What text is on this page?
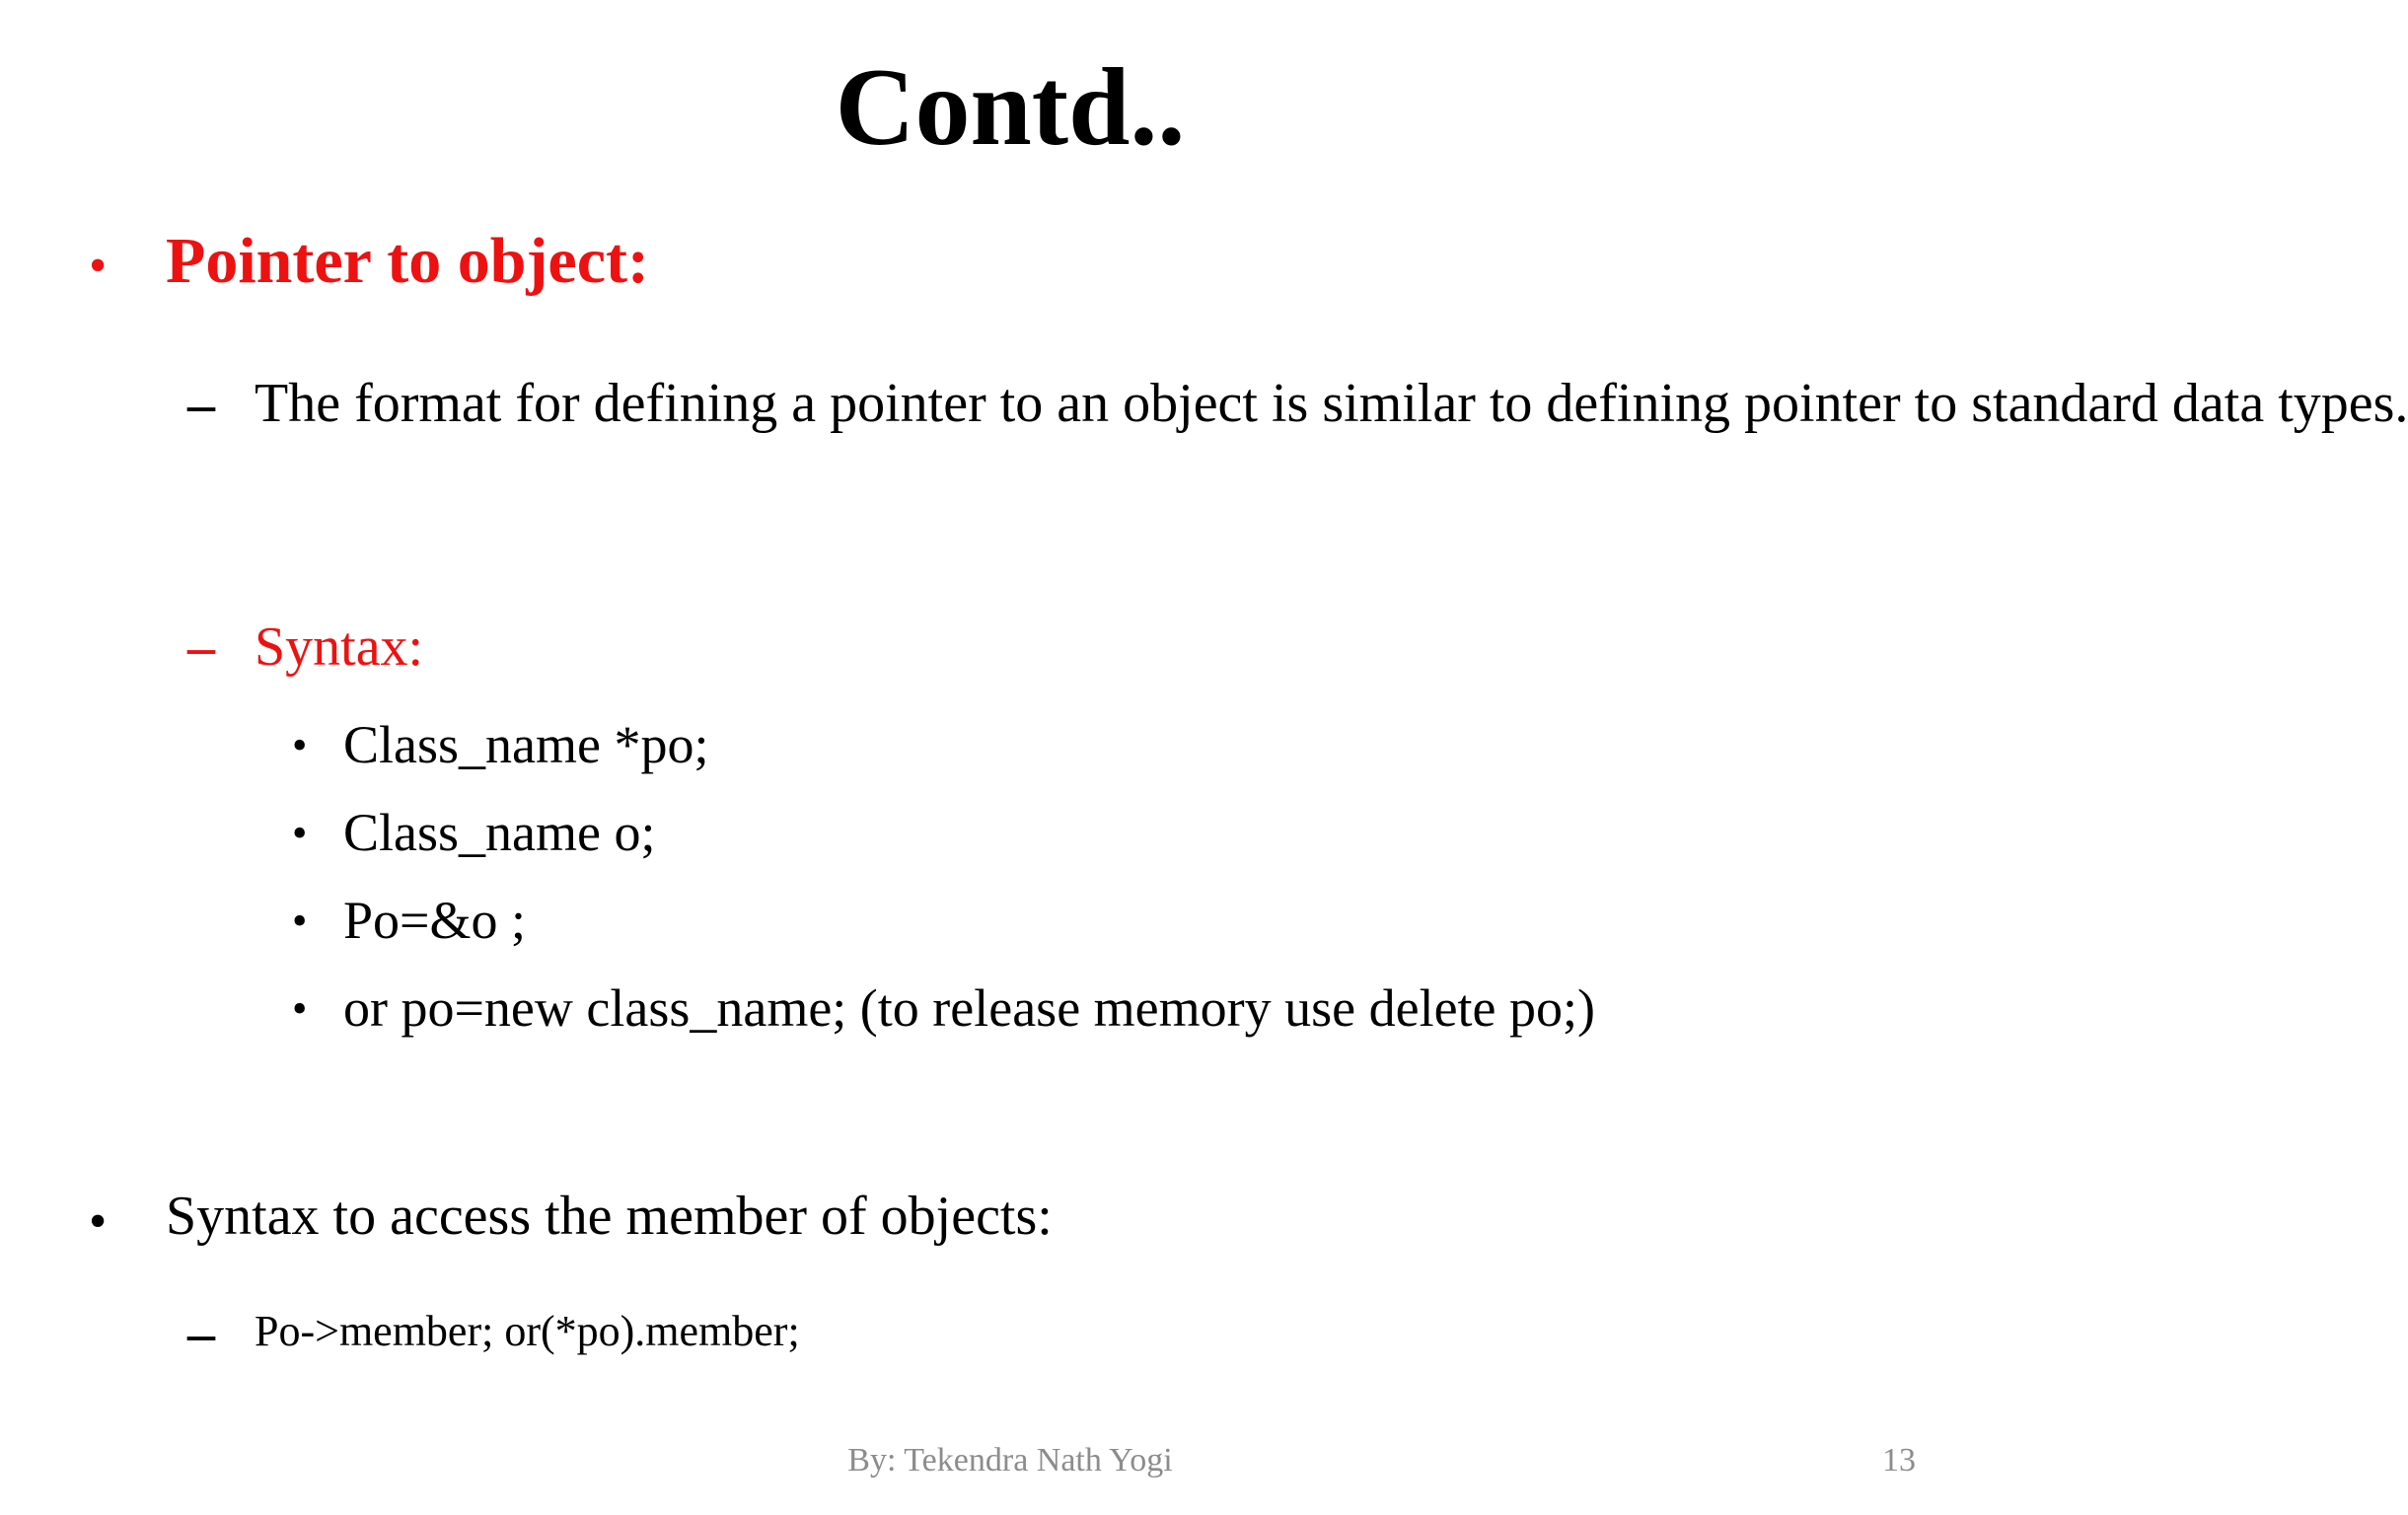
Contd..
• Pointer to object:
– The format for defining a pointer to an object is similar to defining pointer to standard data types.
– Syntax:
• Class_name *po;
• Class_name o;
• Po=&o ;
• or po=new class_name; (to release memory use delete po;)
• Syntax to access the member of objects:
– Po->member; or(*po).member;
By: Tekendra Nath Yogi	13
